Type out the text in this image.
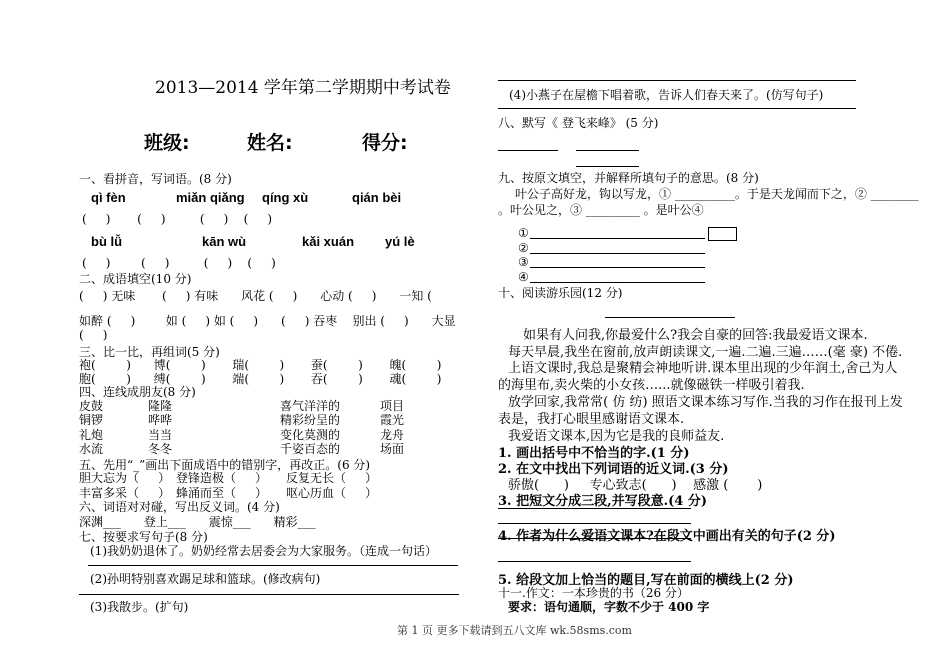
2013—2014 学年第二学期期中考试卷
班级:	姓名:	得分:
一、看拼音，写词语。(8 分)
qì fèn	miǎn qiǎng qíng xù	qián bèi
(     )       (     )         (     )    (     )
bù lǚ	kān wù	kǎi xuán yú lè
(     )        (     )         (     )    (     )
二、成语填空(10 分)
(     ) 无味       (     ) 有味      风花 (     )      心动 (     )      一知 (
如醉 (     )        如 (     ) 如 (     )      (     ) 吞枣    别出 (     )      大显
(     )
三、比一比，再组词(5 分)
袍(        )      博(        )       瑞(        )       蚕(        )       魄(        )
胞(        )      缚(        )       端(        )       吞(        )       魂(        )
四、连线成朋友(8 分)
皮鼓	隆隆	喜气洋洋的	项目
铜锣	哗哗	精彩纷呈的	霞光
礼炮	当当	变化莫测的	龙舟
水流	冬冬	千姿百态的	场面
五、先用“_”画出下面成语中的错别字，再改正。(6 分)
胆大忘为（     ） 登锋造极（     ） 反复无长（     ）
丰富多采（     ） 蜂涌而至（     ） 呕心历血（     ）
六、词语对对碰，写出反义词。(4 分)
深渊___      登上___      震惊___      精彩___
七、按要求写句子(8 分)
(1)我奶奶退休了。奶奶经常去居委会为大家服务。（连成一句话）
(2)孙明特别喜欢踢足球和篮球。(修改病句)
(3)我散步。(扩句)
(4)小燕子在屋檐下唱着歌，告诉人们春天来了。(仿写句子)
八、默写《 登飞来峰》 (5 分)
九、按原文填空，并解释所填句子的意思。(8 分)
叶公子高好龙，钩以写龙，① __________。于是天龙闻而下之，② ________
。叶公见之，③ _________ 。是叶公④
①
②
③
④
十、阅读游乐园(12 分)
如果有人问我,你最爱什么?我会自豪的回答:我最爱语文课本.
每天早晨,我坐在窗前,放声朗读课文,一遍.二遍.三遍……(毫 豪) 不倦.
上语文课时,我总是聚精会神地听讲.课本里出现的少年润土,舍己为人
的海里布,卖火柴的小女孩…...就像磁铁一样吸引着我.
放学回家,我常常( 仿 纺) 照语文课本练习写作.当我的习作在报刊上发
表是，我打心眼里感谢语文课本.
我爱语文课本,因为它是我的良师益友.
1. 画出括号中不恰当的字.(1 分)
2. 在文中找出下列词语的近义词.(3 分)
骄傲(      )     专心致志(      )    感激 (       )
3. 把短文分成三段,并写段意.(4 分)
4. 作者为什么爱语文课本?在段文中画出有关的句子(2 分)
5. 给段文加上恰当的题目,写在前面的横线上(2 分)
十一.作文：一本珍贵的书（26 分）
要求：语句通顺，字数不少于 400 字
第 1 页 更多下载请到五八文库 wk.58sms.com
